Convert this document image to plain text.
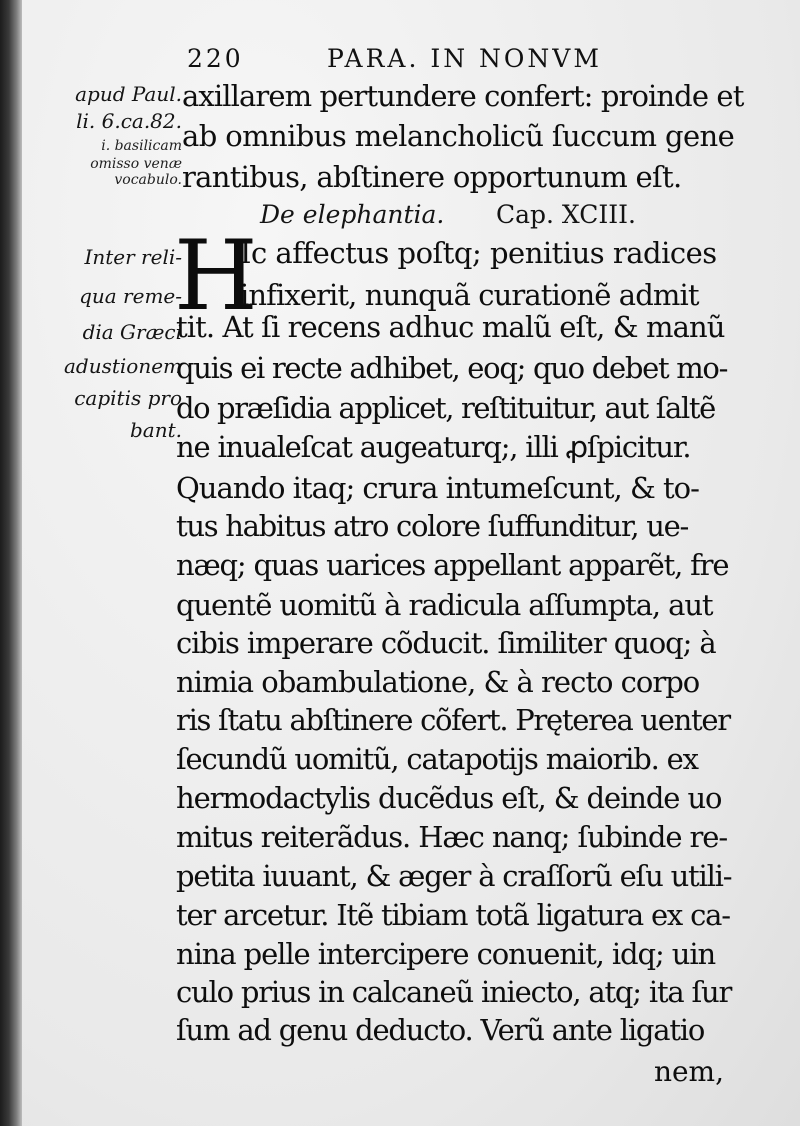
220	PARA. IN NONVM
apud Paul.
li. 6.ca.82.
i. basilicam
omisso venæ
vocabulo.
Inter reli-
qua reme-
dia Græci
adustionem
capitis pro
bant.
axillarem pertundere confert: proinde et
ab omnibus melancholicũ ſuccum gene
rantibus, abſtinere opportunum eſt.
De elephantia. Cap. XCIII.
H
Ic affectus poſtq; penitius radices
infixerit, nunquã curationẽ admit
tit. At ſi recens adhuc malũ eſt, & manũ
quis ei recte adhibet, eoq; quo debet mo-
do præſidia applicet, reſtituitur, aut ſaltẽ
ne inualeſcat augeaturq;, illi ꝓſpicitur.
Quando itaq; crura intumeſcunt, & to-
tus habitus atro colore ſuffunditur, ue-
næq; quas uarices appellant apparẽt, fre
quentẽ uomitũ à radicula aſſumpta, aut
cibis imperare cõducit. ſimiliter quoq; à
nimia obambulatione, & à recto corpo
ris ſtatu abſtinere cõfert. Pręterea uenter
ſecundũ uomitũ, catapotijs maiorib. ex
hermodactylis ducẽdus eſt, & deinde uo
mitus reiterãdus. Hæc nanq; ſubinde re-
petita iuuant, & æger à craſſorũ eſu utili-
ter arcetur. Itẽ tibiam totã ligatura ex ca-
nina pelle intercipere conuenit, idq; uin
culo prius in calcaneũ iniecto, atq; ita ſur
ſum ad genu deducto. Verũ ante ligatio
nem,
